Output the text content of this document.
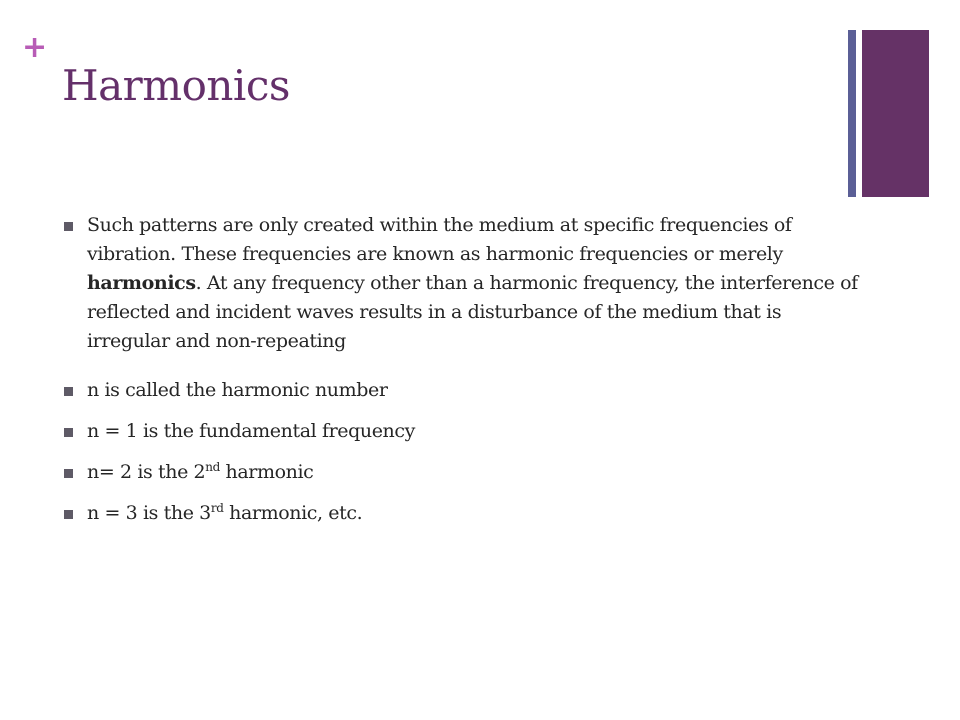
+
Harmonics
Such patterns are only created within the medium at specific frequencies of vibration. These frequencies are known as harmonic frequencies or merely harmonics. At any frequency other than a harmonic frequency, the interference of reflected and incident waves results in a disturbance of the medium that is irregular and non-repeating
n is called the harmonic number
n = 1 is the fundamental frequency
n= 2 is the 2nd harmonic
n = 3 is the 3rd harmonic, etc.
